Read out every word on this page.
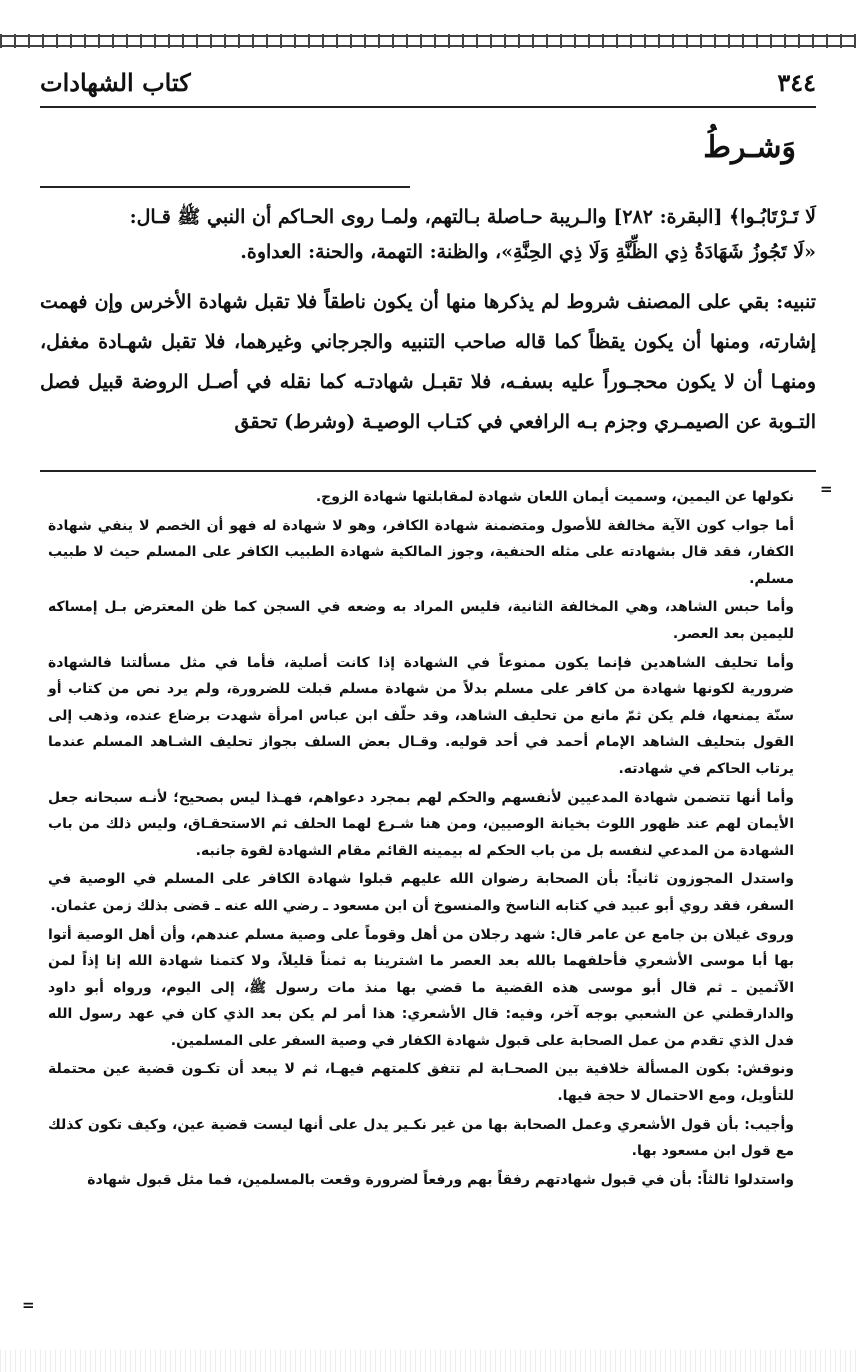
٣٤٤
كتاب الشهادات
وَشـرطُ

لَا تَـرْتَابُـوا﴾ [البقرة: ٢٨٢] والـريبة حـاصلة بـالتهم، ولمـا روى الحـاكم أن النبي ﷺ قـال:

«لَا تَجُوزُ شَهَادَةُ ذِي الظِّنَّةِ وَلَا ذِي الحِنَّةِ»، والظنة: التهمة، والحنة: العداوة.

تنبيه: بقي على المصنف شروط لم يذكرها منها أن يكون ناطقاً فلا تقبل شهادة الأخرس وإن فهمت إشارته، ومنها أن يكون يقظاً كما قاله صاحب التنبيه والجرجاني وغيرهما، فلا تقبل شهـادة مغفل، ومنهـا أن لا يكون محجـوراً عليه بسفـه، فلا تقبـل شهادتـه كما نقله في أصـل الروضة قبيل فصل التـوبة عن الصيمـري وجزم بـه الرافعي في كتـاب الوصيـة (وشرط) تحقق

=
=

نكولها عن اليمين، وسميت أيمان اللعان شهادة لمقابلتها شهادة الزوج.

أما جواب كون الآية مخالفة للأصول ومتضمنة شهادة الكافر، وهو لا شهادة له فهو أن الخصم لا ينفي شهادة الكفار، فقد قال بشهادته على مثله الحنفية، وجوز المالكية شهادة الطبيب الكافر على المسلم حيث لا طبيب مسلم.

وأما حبس الشاهد، وهي المخالفة الثانية، فليس المراد به وضعه في السجن كما ظن المعترض بـل إمساكه لليمين بعد العصر.

وأما تحليف الشاهدين فإنما يكون ممنوعاً في الشهادة إذا كانت أصلية، فأما في مثل مسألتنا فالشهادة ضرورية لكونها شهادة من كافر على مسلم بدلاً من شهادة مسلم قبلت للضرورة، ولم يرد نص من كتاب أو سنّة يمنعها، فلم يكن ثمّ مانع من تحليف الشاهد، وقد حلّف ابن عباس امرأة شهدت برضاع عنده، وذهب إلى القول بتحليف الشاهد الإمام أحمد في أحد قوليه. وقـال بعض السلف بجواز تحليف الشـاهد المسلم عندما يرتاب الحاكم في شهادته.

وأما أنها تتضمن شهادة المدعيين لأنفسهم والحكم لهم بمجرد دعواهم، فهـذا ليس بصحيح؛ لأنـه سبحانه جعل الأيمان لهم عند ظهور اللوث بخيانة الوصيين، ومن هنا شـرع لهما الحلف ثم الاستحقـاق، وليس ذلك من باب الشهادة من المدعي لنفسه بل من باب الحكم له بيمينه القائم مقام الشهادة لقوة جانبه.

واستدل المجوزون ثانياً: بأن الصحابة رضوان الله عليهم قبلوا شهادة الكافر على المسلم في الوصية في السفر، فقد روي أبو عبيد في كتابه الناسخ والمنسوخ أن ابن مسعود ـ رضي الله عنه ـ قضى بذلك زمن عثمان.

وروى غيلان بن جامع عن عامر قال: شهد رجلان من أهل وقوماً على وصية مسلم عندهم، وأن أهل الوصية أتوا بها أبا موسى الأشعري فأحلفهما بالله بعد العصر ما اشترينا به ثمناً قليلاً، ولا كتمنا شهادة الله إنا إذاً لمن الآثمين ـ ثم قال أبو موسى هذه القضية ما قضي بها منذ مات رسول ﷺ، إلى اليوم، ورواه أبو داود والدارقطني عن الشعبي بوجه آخر، وفيه: قال الأشعري: هذا أمر لم يكن بعد الذي كان في عهد رسول الله فدل الذي تقدم من عمل الصحابة على قبول شهادة الكفار في وصية السفر على المسلمين.

ونوقش: بكون المسألة خلافية بين الصحـابة لم تتفق كلمتهم فيهـا، ثم لا يبعد أن تكـون قضية عين محتملة للتأويل، ومع الاحتمال لا حجة فيها.

وأجيب: بأن قول الأشعري وعمل الصحابة بها من غير نكـير يدل على أنها ليست قضية عين، وكيف تكون كذلك مع قول ابن مسعود بها.

واستدلوا ثالثاً: بأن في قبول شهادتهم رفقاً بهم ورفعاً لضرورة وقعت بالمسلمين، فما مثل قبول شهادة
